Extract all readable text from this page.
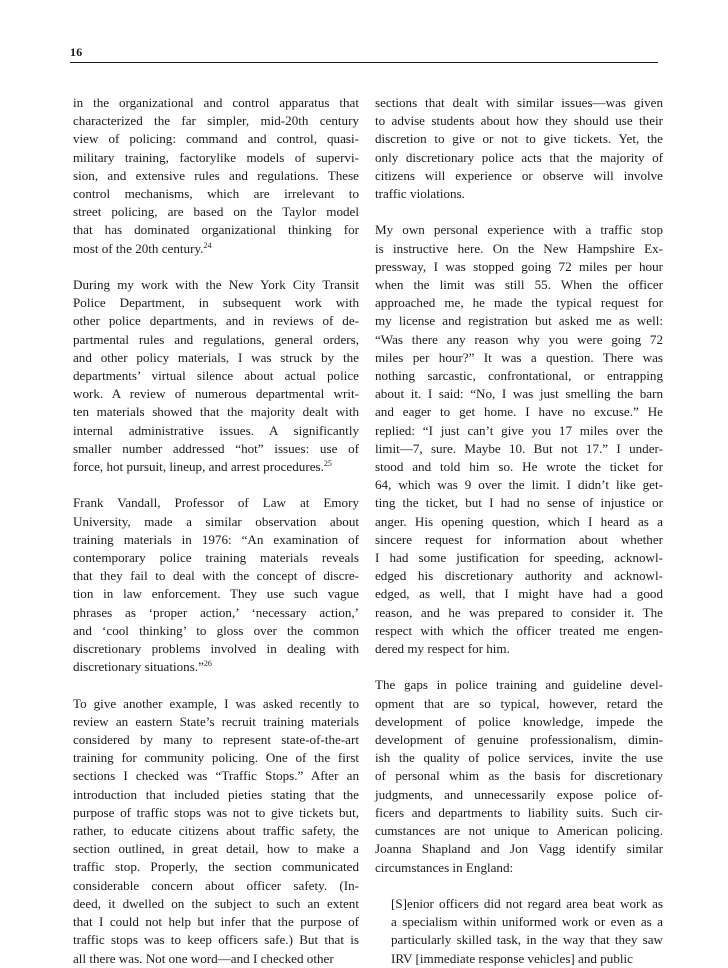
16

in the organizational and control apparatus that
characterized the far simpler, mid-20th century
view of policing: command and control, quasi-
military training, factorylike models of supervi-
sion, and extensive rules and regulations. These
control mechanisms, which are irrelevant to
street policing, are based on the Taylor model
that has dominated organizational thinking for
most of the 20th century.$^{24}$

During my work with the New York City Transit
Police Department, in subsequent work with
other police departments, and in reviews of de-
partmental rules and regulations, general orders,
and other policy materials, I was struck by the
departments’ virtual silence about actual police
work. A review of numerous departmental writ-
ten materials showed that the majority dealt with
internal administrative issues. A significantly
smaller number addressed “hot” issues: use of
force, hot pursuit, lineup, and arrest procedures.$^{25}$

Frank Vandall, Professor of Law at Emory
University, made a similar observation about
training materials in 1976: “An examination of
contemporary police training materials reveals
that they fail to deal with the concept of discre-
tion in law enforcement. They use such vague
phrases as ‘proper action,’ ‘necessary action,’
and ‘cool thinking’ to gloss over the common
discretionary problems involved in dealing with
discretionary situations.”$^{26}$

To give another example, I was asked recently to
review an eastern State’s recruit training materials
considered by many to represent state-of-the-art
training for community policing. One of the first
sections I checked was “Traffic Stops.” After an
introduction that included pieties stating that the
purpose of traffic stops was not to give tickets but,
rather, to educate citizens about traffic safety, the
section outlined, in great detail, how to make a
traffic stop. Properly, the section communicated
considerable concern about officer safety. (In-
deed, it dwelled on the subject to such an extent
that I could not help but infer that the purpose of
traffic stops was to keep officers safe.) But that is
all there was. Not one word—and I checked other

sections that dealt with similar issues—was given
to advise students about how they should use their
discretion to give or not to give tickets. Yet, the
only discretionary police acts that the majority of
citizens will experience or observe will involve
traffic violations.

My own personal experience with a traffic stop
is instructive here. On the New Hampshire Ex-
pressway, I was stopped going 72 miles per hour
when the limit was still 55. When the officer
approached me, he made the typical request for
my license and registration but asked me as well:
“Was there any reason why you were going 72
miles per hour?” It was a question. There was
nothing sarcastic, confrontational, or entrapping
about it. I said: “No, I was just smelling the barn
and eager to get home. I have no excuse.” He
replied: “I just can’t give you 17 miles over the
limit—7, sure. Maybe 10. But not 17.” I under-
stood and told him so. He wrote the ticket for
64, which was 9 over the limit. I didn’t like get-
ting the ticket, but I had no sense of injustice or
anger. His opening question, which I heard as a
sincere request for information about whether
I had some justification for speeding, acknowl-
edged his discretionary authority and acknowl-
edged, as well, that I might have had a good
reason, and he was prepared to consider it. The
respect with which the officer treated me engen-
dered my respect for him.

The gaps in police training and guideline devel-
opment that are so typical, however, retard the
development of police knowledge, impede the
development of genuine professionalism, dimin-
ish the quality of police services, invite the use
of personal whim as the basis for discretionary
judgments, and unnecessarily expose police of-
ficers and departments to liability suits. Such cir-
cumstances are not unique to American policing.
Joanna Shapland and Jon Vagg identify similar
circumstances in England:

[S]enior officers did not regard area beat work as
a specialism within uniformed work or even as a
particularly skilled task, in the way that they saw
IRV [immediate response vehicles] and public
